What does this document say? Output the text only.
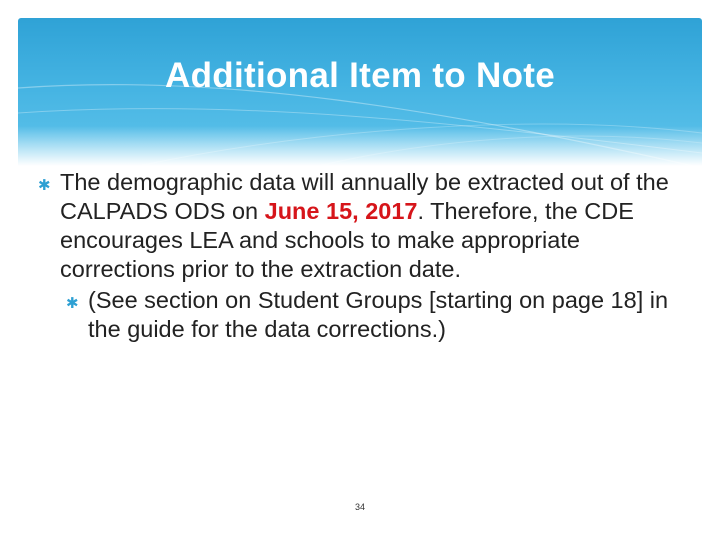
Additional Item to Note
✱ The demographic data will annually be extracted out of the CALPADS ODS on June 15, 2017. Therefore, the CDE encourages LEA and schools to make appropriate corrections prior to the extraction date.
✱ (See section on Student Groups [starting on page 18] in the guide for the data corrections.)
34
